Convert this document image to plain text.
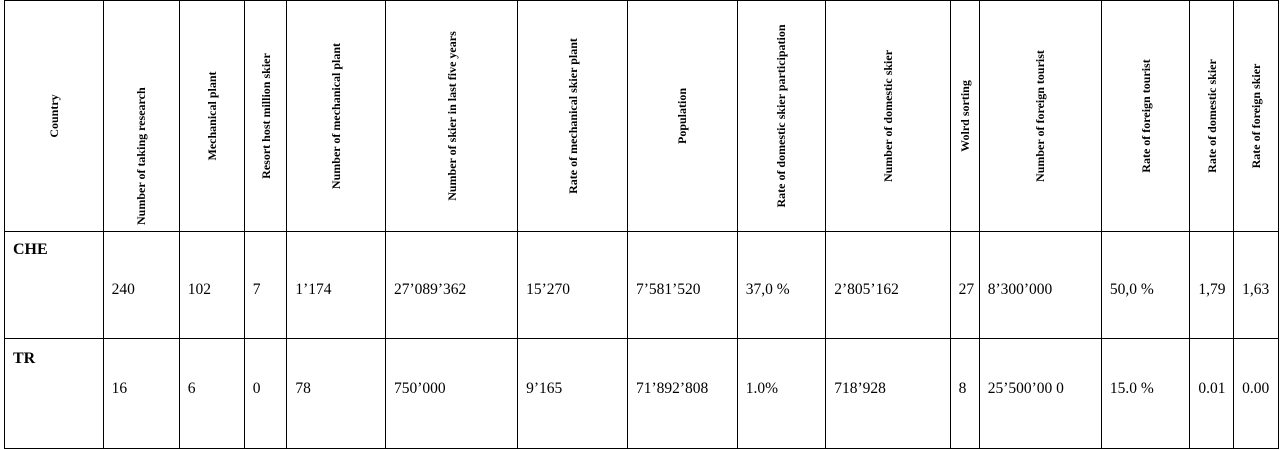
Country	Number of taking research	Mechanical plant	Resort host million skier	Number of mechanical plant	Number of skier in last five years	Rate of mechanical skier plant	Population	Rate of domestic skier participation	Number of domestic skier	Wolrd sorting	Number of foreign tourist	Rate of foreign tourist	Rate of domestic skier	Rate of foreign skier

CHE	240	102	7	1’174	27’089’362	15’270	7’581’520	37,0 %	2’805’162	27	8’300’000	50,0 %	1,79	1,63
TR	16	6	0	78	750’000	9’165	71’892’808	1.0%	718’928	8	25’500’00 0	15.0 %	0.01	0.00
